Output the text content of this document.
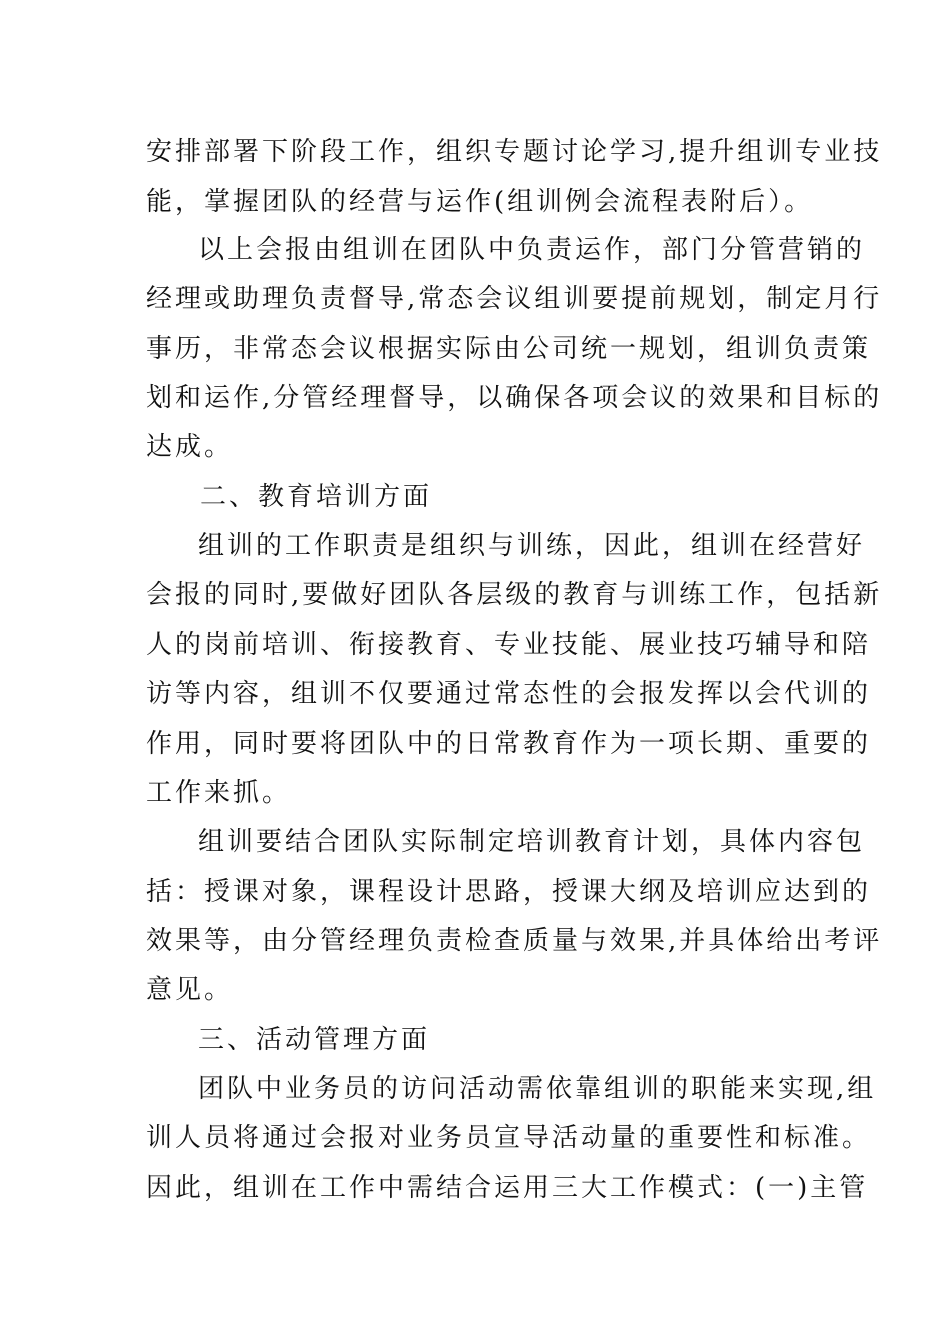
安排部署下阶段工作，组织专题讨论学习,提升组训专业技
能，掌握团队的经营与运作(组训例会流程表附后）。
以上会报由组训在团队中负责运作，部门分管营销的
经理或助理负责督导,常态会议组训要提前规划，制定月行
事历，非常态会议根据实际由公司统一规划，组训负责策
划和运作,分管经理督导，以确保各项会议的效果和目标的
达成。
二、教育培训方面
组训的工作职责是组织与训练，因此，组训在经营好
会报的同时,要做好团队各层级的教育与训练工作，包括新
人的岗前培训、衔接教育、专业技能、展业技巧辅导和陪
访等内容，组训不仅要通过常态性的会报发挥以会代训的
作用，同时要将团队中的日常教育作为一项长期、重要的
工作来抓。
组训要结合团队实际制定培训教育计划，具体内容包
括：授课对象，课程设计思路，授课大纲及培训应达到的
效果等，由分管经理负责检查质量与效果,并具体给出考评
意见。
三、活动管理方面
团队中业务员的访问活动需依靠组训的职能来实现,组
训人员将通过会报对业务员宣导活动量的重要性和标准。
因此，组训在工作中需结合运用三大工作模式：(一)主管
